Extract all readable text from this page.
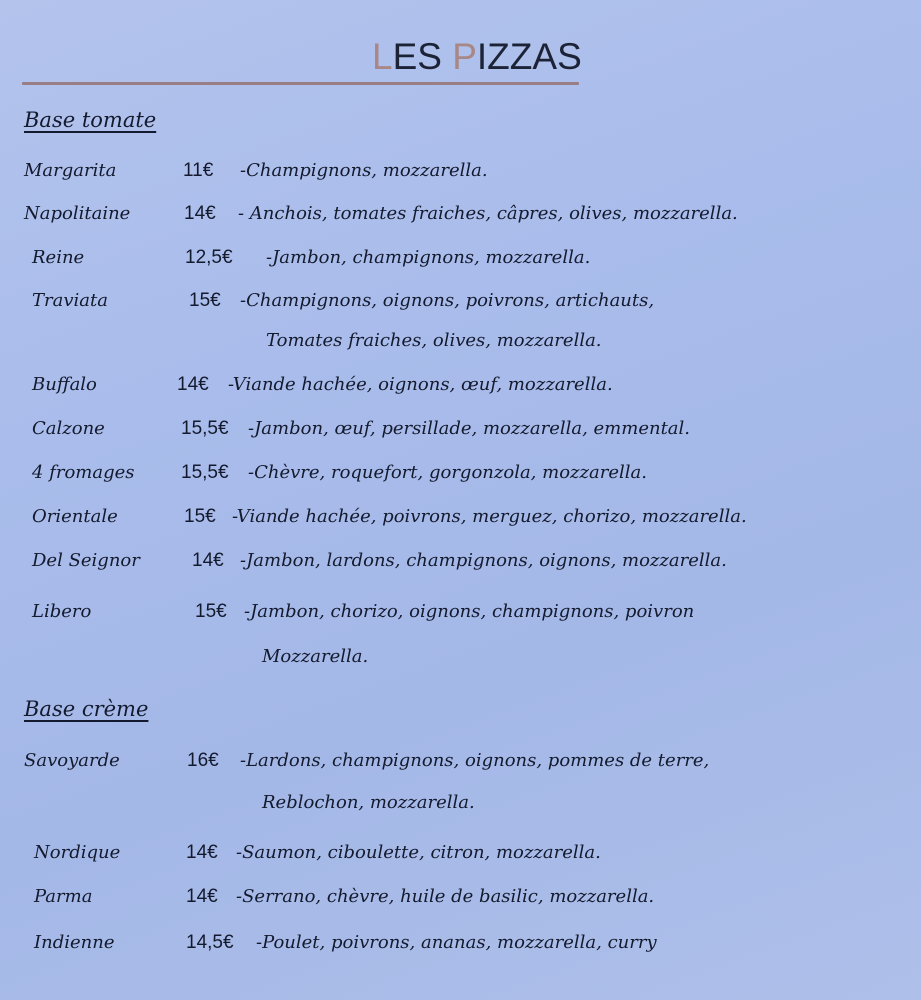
LES PIZZAS
Base tomate
Margarita	11€ -Champignons, mozzarella.
Napolitaine	14€ - Anchois, tomates fraiches, câpres, olives, mozzarella.
Reine	12,5€ -Jambon, champignons, mozzarella.
Traviata	15€ -Champignons, oignons, poivrons, artichauts,
Tomates fraiches, olives, mozzarella.
Buffalo	14€ -Viande hachée, oignons, œuf, mozzarella.
Calzone	15,5€ -Jambon, œuf, persillade, mozzarella, emmental.
4 fromages 15,5€ -Chèvre, roquefort, gorgonzola, mozzarella.
Orientale	15€ -Viande hachée, poivrons, merguez, chorizo, mozzarella.
Del Seignor	14€ -Jambon, lardons, champignons, oignons, mozzarella.
Libero	15€ -Jambon, chorizo, oignons, champignons, poivron
Mozzarella.
Base crème
Savoyarde	16€ -Lardons, champignons, oignons, pommes de terre,
Reblochon, mozzarella.
Nordique	14€ -Saumon, ciboulette, citron, mozzarella.
Parma	14€ -Serrano, chèvre, huile de basilic, mozzarella.
Indienne	14,5€ -Poulet, poivrons, ananas, mozzarella, curry
